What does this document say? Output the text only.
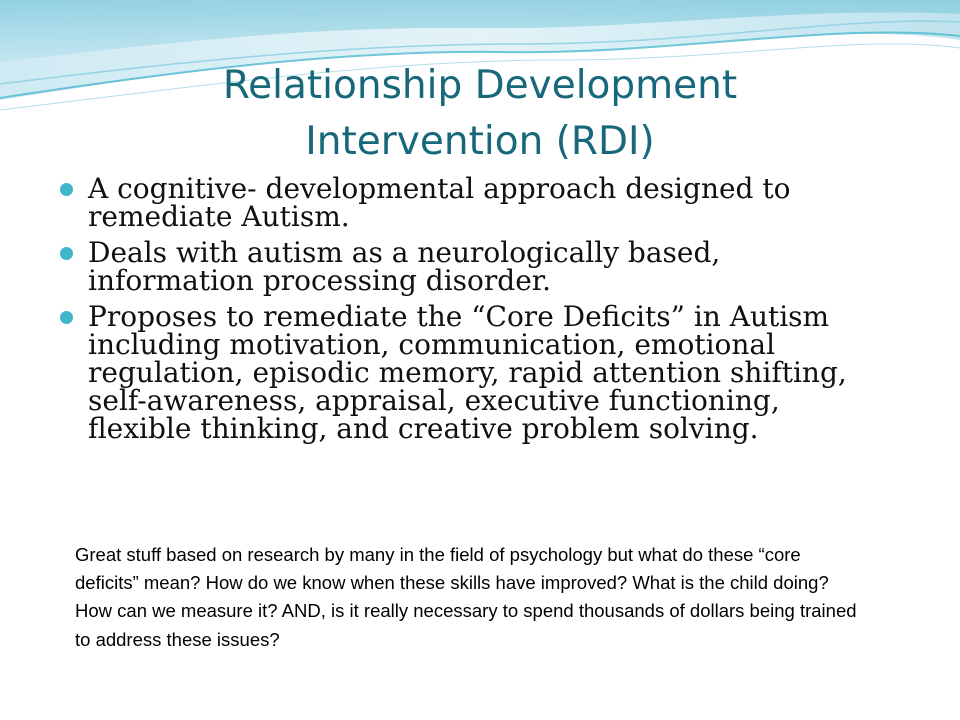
Relationship Development Intervention (RDI)
A cognitive- developmental approach designed to remediate Autism.
Deals with autism as a neurologically based, information processing disorder.
Proposes to remediate the “Core Deficits” in Autism including motivation, communication, emotional regulation, episodic memory, rapid attention shifting, self-awareness, appraisal, executive functioning, flexible thinking, and creative problem solving.

Great stuff based on research by many in the field of psychology but what do these “core deficits” mean? How do we know when these skills have improved? What is the child doing? How can we measure it? AND, is it really necessary to spend thousands of dollars being trained to address these issues?
